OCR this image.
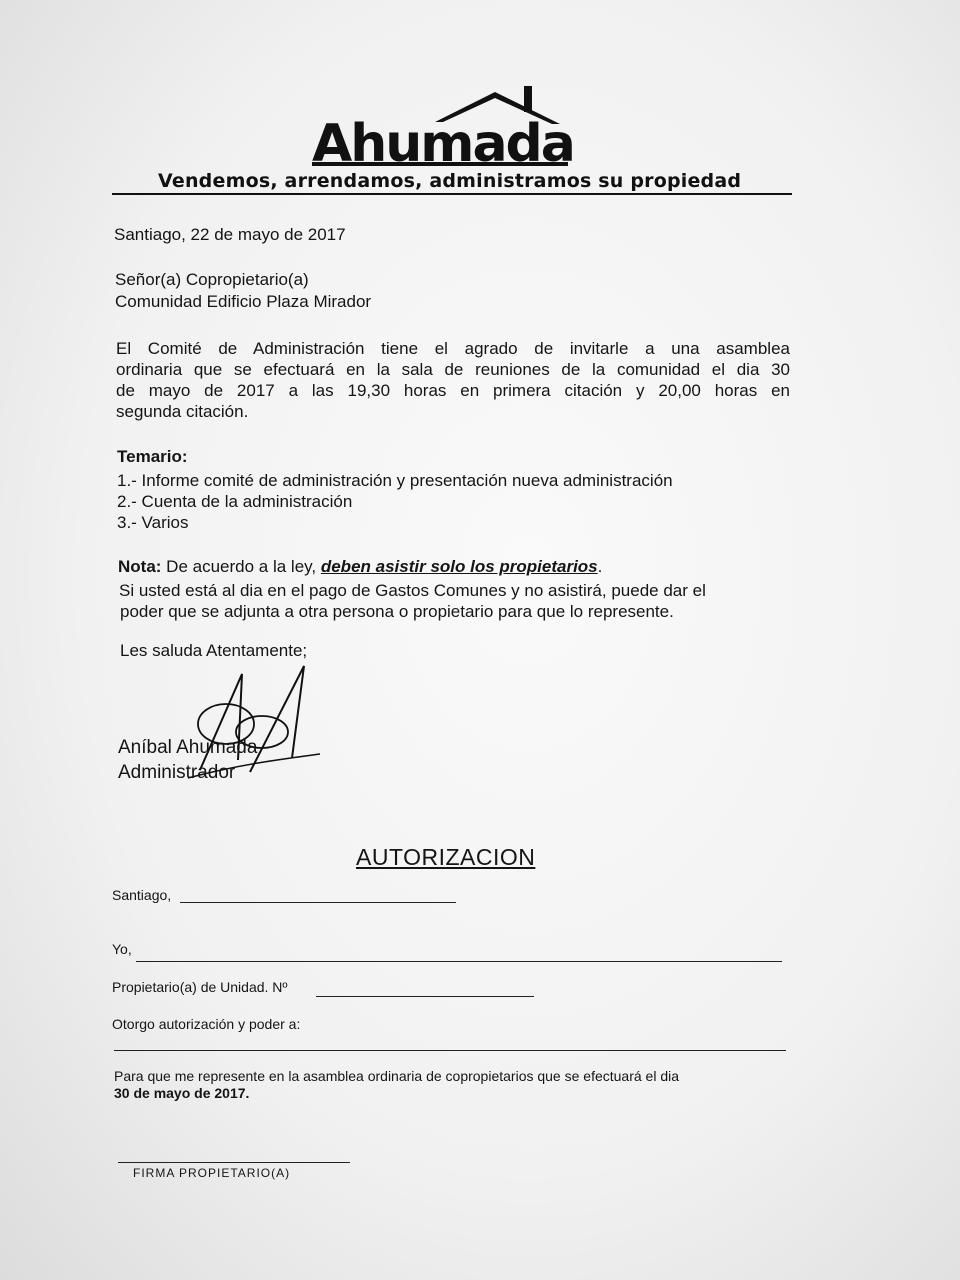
Ahumada
Vendemos, arrendamos, administramos su propiedad
Santiago, 22 de mayo de 2017
Señor(a) Copropietario(a)
Comunidad Edificio Plaza Mirador
El Comité de Administración tiene el agrado de invitarle a una asamblea
ordinaria que se efectuará en la sala de reuniones de la comunidad el dia 30
de mayo de 2017 a las 19,30 horas en primera citación y 20,00 horas en
segunda citación.
Temario:
1.- Informe comité de administración y presentación nueva administración
2.- Cuenta de la administración
3.- Varios
Nota: De acuerdo a la ley, deben asistir solo los propietarios.
Si usted está al dia en el pago de Gastos Comunes y no asistirá, puede dar el
poder que se adjunta a otra persona o propietario para que lo represente.
Les saluda Atentamente;
Aníbal Ahumada
Administrador
AUTORIZACION
Santiago,
Yo,
Propietario(a) de Unidad. Nº
Otorgo autorización y poder a:
Para que me represente en la asamblea ordinaria de copropietarios que se efectuará el dia
30 de mayo de 2017.
FIRMA PROPIETARIO(A)
